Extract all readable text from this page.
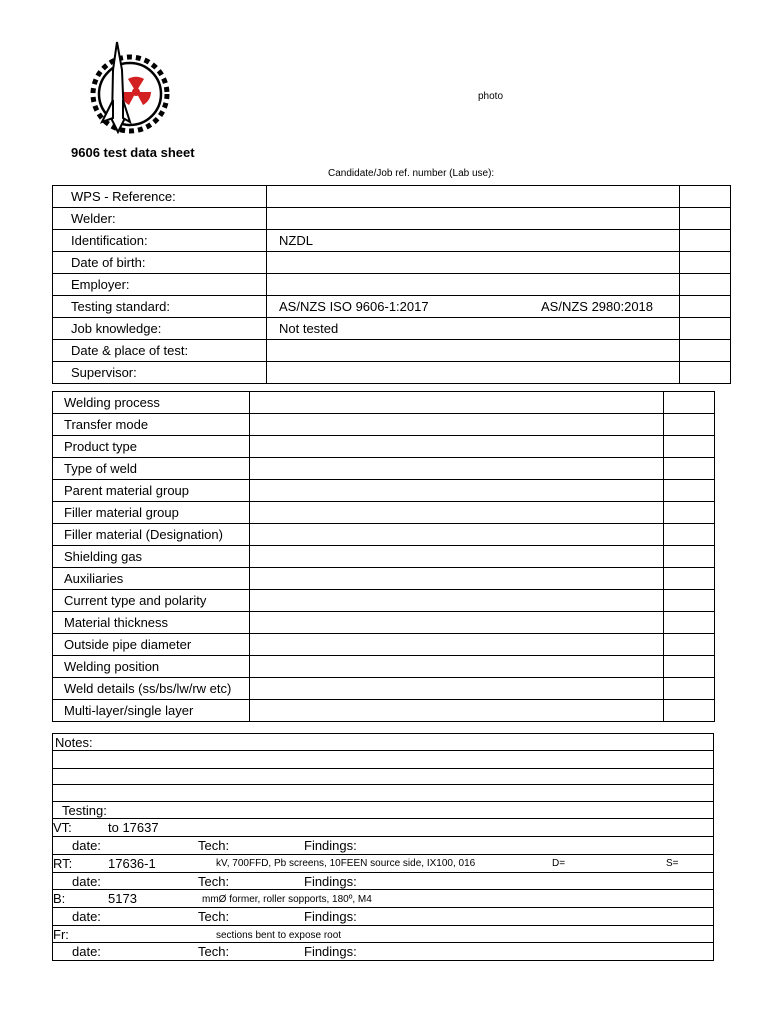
photo
9606 test data sheet
Candidate/Job ref. number (Lab use):
WPS - Reference:		
Welder:		
Identification:	NZDL	
Date of birth:		
Employer:		
Testing standard:	AS/NZS ISO 9606-1:2017 AS/NZS 2980:2018	
Job knowledge:	Not tested	
Date & place of test:		
Supervisor:		
Welding process		
Transfer mode		
Product type		
Type of weld		
Parent material group		
Filler material group		
Filler material (Designation)		
Shielding gas		
Auxiliaries		
Current type and polarity		
Material thickness		
Outside pipe diameter		
Welding position		
Weld details (ss/bs/lw/rw etc)		
Multi-layer/single layer		
Notes:
Testing:
VT:	to 17637
date:	Tech:	Findings:
RT:	17636-1	kV, 700FFD, Pb screens, 10FEEN source side, IX100, 016	D=	S=
date:	Tech:	Findings:
B:	5173	mmØ former, roller sopports, 180º, M4
date:	Tech:	Findings:
Fr:	sections bent to expose root
date:	Tech:	Findings:
